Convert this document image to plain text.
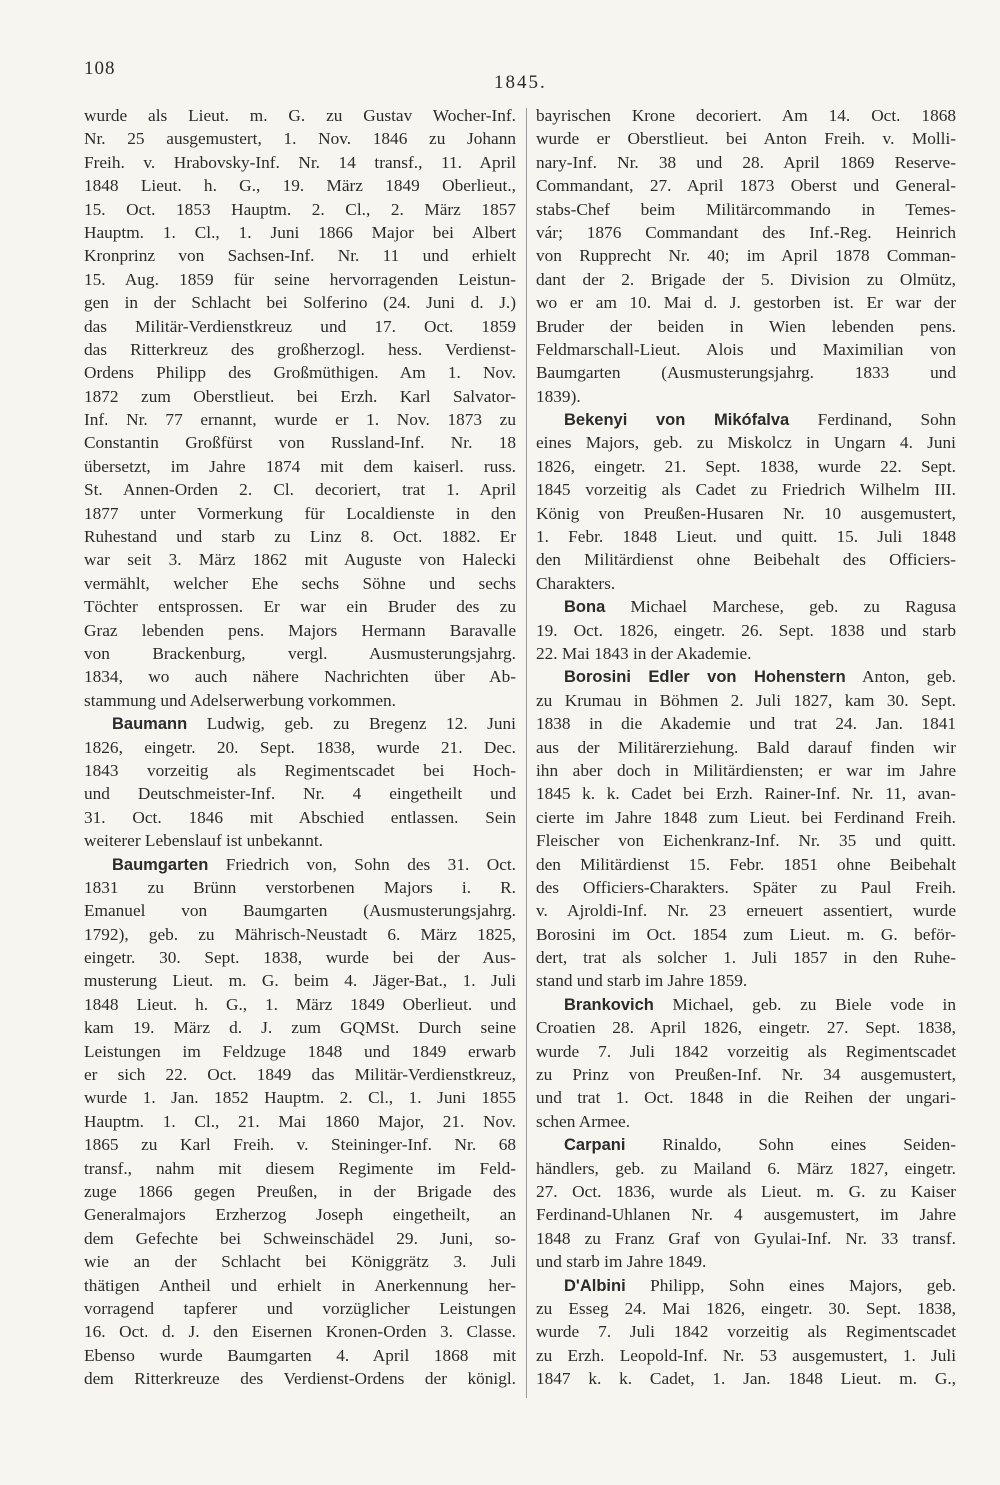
108
1845.
wurde als Lieut. m. G. zu Gustav Wocher-Inf.
Nr. 25 ausgemustert, 1. Nov. 1846 zu Johann
Freih. v. Hrabovsky-Inf. Nr. 14 transf., 11. April
1848 Lieut. h. G., 19. März 1849 Oberlieut.,
15. Oct. 1853 Hauptm. 2. Cl., 2. März 1857
Hauptm. 1. Cl., 1. Juni 1866 Major bei Albert
Kronprinz von Sachsen-Inf. Nr. 11 und erhielt
15. Aug. 1859 für seine hervorragenden Leistun-
gen in der Schlacht bei Solferino (24. Juni d. J.)
das Militär-Verdienstkreuz und 17. Oct. 1859
das Ritterkreuz des großherzogl. hess. Verdienst-
Ordens Philipp des Großmüthigen. Am 1. Nov.
1872 zum Oberstlieut. bei Erzh. Karl Salvator-
Inf. Nr. 77 ernannt, wurde er 1. Nov. 1873 zu
Constantin Großfürst von Russland-Inf. Nr. 18
übersetzt, im Jahre 1874 mit dem kaiserl. russ.
St. Annen-Orden 2. Cl. decoriert, trat 1. April
1877 unter Vormerkung für Localdienste in den
Ruhestand und starb zu Linz 8. Oct. 1882. Er
war seit 3. März 1862 mit Auguste von Halecki
vermählt, welcher Ehe sechs Söhne und sechs
Töchter entsprossen. Er war ein Bruder des zu
Graz lebenden pens. Majors Hermann Baravalle
von Brackenburg, vergl. Ausmusterungsjahrg.
1834, wo auch nähere Nachrichten über Ab-
stammung und Adelserwerbung vorkommen.
Baumann Ludwig, geb. zu Bregenz 12. Juni
1826, eingetr. 20. Sept. 1838, wurde 21. Dec.
1843 vorzeitig als Regimentscadet bei Hoch-
und Deutschmeister-Inf. Nr. 4 eingetheilt und
31. Oct. 1846 mit Abschied entlassen. Sein
weiterer Lebenslauf ist unbekannt.
Baumgarten Friedrich von, Sohn des 31. Oct.
1831 zu Brünn verstorbenen Majors i. R.
Emanuel von Baumgarten (Ausmusterungsjahrg.
1792), geb. zu Mährisch-Neustadt 6. März 1825,
eingetr. 30. Sept. 1838, wurde bei der Aus-
musterung Lieut. m. G. beim 4. Jäger-Bat., 1. Juli
1848 Lieut. h. G., 1. März 1849 Oberlieut. und
kam 19. März d. J. zum GQMSt. Durch seine
Leistungen im Feldzuge 1848 und 1849 erwarb
er sich 22. Oct. 1849 das Militär-Verdienstkreuz,
wurde 1. Jan. 1852 Hauptm. 2. Cl., 1. Juni 1855
Hauptm. 1. Cl., 21. Mai 1860 Major, 21. Nov.
1865 zu Karl Freih. v. Steininger-Inf. Nr. 68
transf., nahm mit diesem Regimente im Feld-
zuge 1866 gegen Preußen, in der Brigade des
Generalmajors Erzherzog Joseph eingetheilt, an
dem Gefechte bei Schweinschädel 29. Juni, so-
wie an der Schlacht bei Königgrätz 3. Juli
thätigen Antheil und erhielt in Anerkennung her-
vorragend tapferer und vorzüglicher Leistungen
16. Oct. d. J. den Eisernen Kronen-Orden 3. Classe.
Ebenso wurde Baumgarten 4. April 1868 mit
dem Ritterkreuze des Verdienst-Ordens der königl.
bayrischen Krone decoriert. Am 14. Oct. 1868
wurde er Oberstlieut. bei Anton Freih. v. Molli-
nary-Inf. Nr. 38 und 28. April 1869 Reserve-
Commandant, 27. April 1873 Oberst und General-
stabs-Chef beim Militärcommando in Temes-
vár; 1876 Commandant des Inf.-Reg. Heinrich
von Rupprecht Nr. 40; im April 1878 Comman-
dant der 2. Brigade der 5. Division zu Olmütz,
wo er am 10. Mai d. J. gestorben ist. Er war der
Bruder der beiden in Wien lebenden pens.
Feldmarschall-Lieut. Alois und Maximilian von
Baumgarten (Ausmusterungsjahrg. 1833 und
1839).
Bekenyi von Mikófalva Ferdinand, Sohn
eines Majors, geb. zu Miskolcz in Ungarn 4. Juni
1826, eingetr. 21. Sept. 1838, wurde 22. Sept.
1845 vorzeitig als Cadet zu Friedrich Wilhelm III.
König von Preußen-Husaren Nr. 10 ausgemustert,
1. Febr. 1848 Lieut. und quitt. 15. Juli 1848
den Militärdienst ohne Beibehalt des Officiers-
Charakters.
Bona Michael Marchese, geb. zu Ragusa
19. Oct. 1826, eingetr. 26. Sept. 1838 und starb
22. Mai 1843 in der Akademie.
Borosini Edler von Hohenstern Anton, geb.
zu Krumau in Böhmen 2. Juli 1827, kam 30. Sept.
1838 in die Akademie und trat 24. Jan. 1841
aus der Militärerziehung. Bald darauf finden wir
ihn aber doch in Militärdiensten; er war im Jahre
1845 k. k. Cadet bei Erzh. Rainer-Inf. Nr. 11, avan-
cierte im Jahre 1848 zum Lieut. bei Ferdinand Freih.
Fleischer von Eichenkranz-Inf. Nr. 35 und quitt.
den Militärdienst 15. Febr. 1851 ohne Beibehalt
des Officiers-Charakters. Später zu Paul Freih.
v. Ajroldi-Inf. Nr. 23 erneuert assentiert, wurde
Borosini im Oct. 1854 zum Lieut. m. G. beför-
dert, trat als solcher 1. Juli 1857 in den Ruhe-
stand und starb im Jahre 1859.
Brankovich Michael, geb. zu Biele vode in
Croatien 28. April 1826, eingetr. 27. Sept. 1838,
wurde 7. Juli 1842 vorzeitig als Regimentscadet
zu Prinz von Preußen-Inf. Nr. 34 ausgemustert,
und trat 1. Oct. 1848 in die Reihen der ungari-
schen Armee.
Carpani Rinaldo, Sohn eines Seiden-
händlers, geb. zu Mailand 6. März 1827, eingetr.
27. Oct. 1836, wurde als Lieut. m. G. zu Kaiser
Ferdinand-Uhlanen Nr. 4 ausgemustert, im Jahre
1848 zu Franz Graf von Gyulai-Inf. Nr. 33 transf.
und starb im Jahre 1849.
D'Albini Philipp, Sohn eines Majors, geb.
zu Esseg 24. Mai 1826, eingetr. 30. Sept. 1838,
wurde 7. Juli 1842 vorzeitig als Regimentscadet
zu Erzh. Leopold-Inf. Nr. 53 ausgemustert, 1. Juli
1847 k. k. Cadet, 1. Jan. 1848 Lieut. m. G.,
